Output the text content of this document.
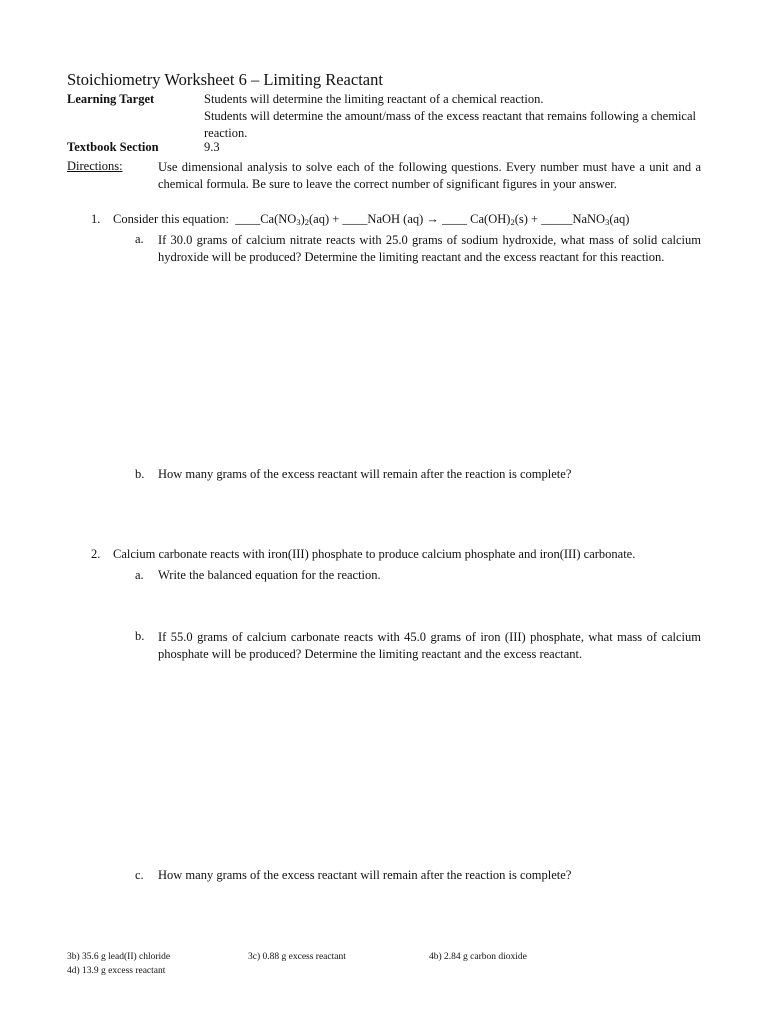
Stoichiometry Worksheet 6 – Limiting Reactant
Learning Target	Students will determine the limiting reactant of a chemical reaction.
Students will determine the amount/mass of the excess reactant that remains following a chemical reaction.
Textbook Section	9.3
Directions:	Use dimensional analysis to solve each of the following questions. Every number must have a unit and a chemical formula. Be sure to leave the correct number of significant figures in your answer.
1. Consider this equation: $\_\_\_\_Ca(NO_3)_2(aq)$ + ____NaOH (aq) → ____ $Ca(OH)_2(s)$ + _____NaNO$_3$(aq)
a. If 30.0 grams of calcium nitrate reacts with 25.0 grams of sodium hydroxide, what mass of solid calcium hydroxide will be produced? Determine the limiting reactant and the excess reactant for this reaction.
b. How many grams of the excess reactant will remain after the reaction is complete?
2. Calcium carbonate reacts with iron(III) phosphate to produce calcium phosphate and iron(III) carbonate.
a. Write the balanced equation for the reaction.
b. If 55.0 grams of calcium carbonate reacts with 45.0 grams of iron (III) phosphate, what mass of calcium phosphate will be produced? Determine the limiting reactant and the excess reactant.
c. How many grams of the excess reactant will remain after the reaction is complete?
3b) 35.6 g lead(II) chloride	3c) 0.88 g excess reactant	4b) 2.84 g carbon dioxide
4d) 13.9 g excess reactant
